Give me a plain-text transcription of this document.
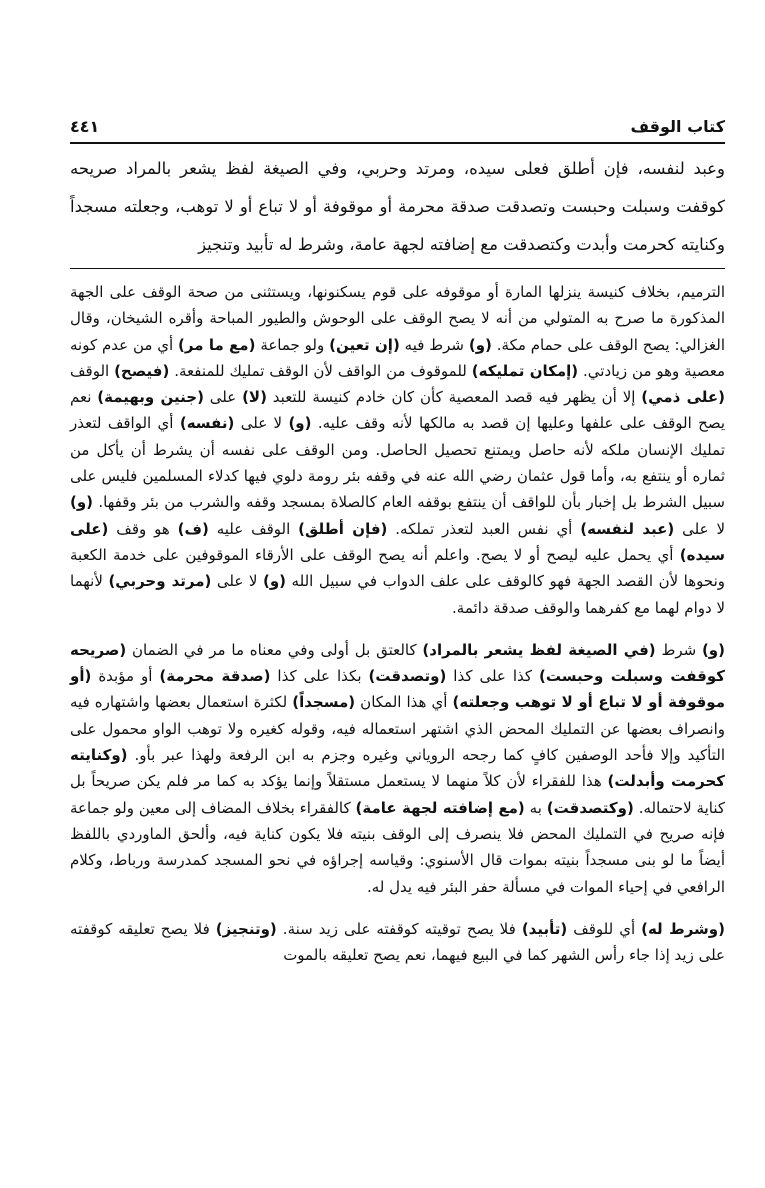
كتاب الوقف
٤٤١

وعبد لنفسه، فإن أطلق فعلى سيده، ومرتد وحربي، وفي الصيغة لفظ يشعر بالمراد صريحه كوقفت وسبلت وحبست وتصدقت صدقة محرمة أو موقوفة أو لا تباع أو لا توهب، وجعلته مسجداً وكنايته كحرمت وأبدت وكتصدقت مع إضافته لجهة عامة، وشرط له تأبيد وتنجيز

الترميم، بخلاف كنيسة ينزلها المارة أو موقوفه على قوم يسكنونها، ويستثنى من صحة الوقف على الجهة المذكورة ما صرح به المتولي من أنه لا يصح الوقف على الوحوش والطيور المباحة وأقره الشيخان، وقال الغزالي: يصح الوقف على حمام مكة. (و) شرط فيه (إن تعين) ولو جماعة (مع ما مر) أي من عدم كونه معصية وهو من زيادتي. (إمكان تمليكه) للموقوف من الواقف لأن الوقف تمليك للمنفعة. (فيصح) الوقف (على ذمي) إلا أن يظهر فيه قصد المعصية كأن كان خادم كنيسة للتعبد (لا) على (جنين وبهيمة) نعم يصح الوقف على علفها وعليها إن قصد به مالكها لأنه وقف عليه. (و) لا على (نفسه) أي الواقف لتعذر تمليك الإنسان ملكه لأنه حاصل ويمتنع تحصيل الحاصل. ومن الوقف على نفسه أن يشرط أن يأكل من ثماره أو ينتفع به، وأما قول عثمان رضي الله عنه في وقفه بئر رومة دلوي فيها كدلاء المسلمين فليس على سبيل الشرط بل إخبار بأن للواقف أن ينتفع بوقفه العام كالصلاة بمسجد وقفه والشرب من بئر وقفها. (و) لا على (عبد لنفسه) أي نفس العبد لتعذر تملكه. (فإن أطلق) الوقف عليه (ف) هو وقف (على سيده) أي يحمل عليه ليصح أو لا يصح. واعلم أنه يصح الوقف على الأرقاء الموقوفين على خدمة الكعبة ونحوها لأن القصد الجهة فهو كالوقف على علف الدواب في سبيل الله (و) لا على (مرتد وحربي) لأنهما لا دوام لهما مع كفرهما والوقف صدقة دائمة.

(و) شرط (في الصيغة لفظ يشعر بالمراد) كالعتق بل أولى وفي معناه ما مر في الضمان (صريحه كوقفت وسبلت وحبست) كذا على كذا (وتصدقت) بكذا على كذا (صدقة محرمة) أو مؤبدة (أو موقوفة أو لا تباع أو لا توهب وجعلته) أي هذا المكان (مسجداً) لكثرة استعمال بعضها واشتهاره فيه وانصراف بعضها عن التمليك المحض الذي اشتهر استعماله فيه، وقوله كغيره ولا توهب الواو محمول على التأكيد وإلا فأحد الوصفين كافٍ كما رجحه الروياني وغيره وجزم به ابن الرفعة ولهذا عبر بأو. (وكنايته كحرمت وأبدلت) هذا للفقراء لأن كلاً منهما لا يستعمل مستقلاً وإنما يؤكد به كما مر فلم يكن صريحاً بل كناية لاحتماله. (وكتصدقت) به (مع إضافته لجهة عامة) كالفقراء بخلاف المضاف إلى معين ولو جماعة فإنه صريح في التمليك المحض فلا ينصرف إلى الوقف بنيته فلا يكون كناية فيه، وألحق الماوردي باللفظ أيضاً ما لو بنى مسجداً بنيته بموات قال الأسنوي: وقياسه إجراؤه في نحو المسجد كمدرسة ورباط، وكلام الرافعي في إحياء الموات في مسألة حفر البئر فيه يدل له.

(وشرط له) أي للوقف (تأبيد) فلا يصح توقيته كوقفته على زيد سنة. (وتنجيز) فلا يصح تعليقه كوقفته على زيد إذا جاء رأس الشهر كما في البيع فيهما، نعم يصح تعليقه بالموت
